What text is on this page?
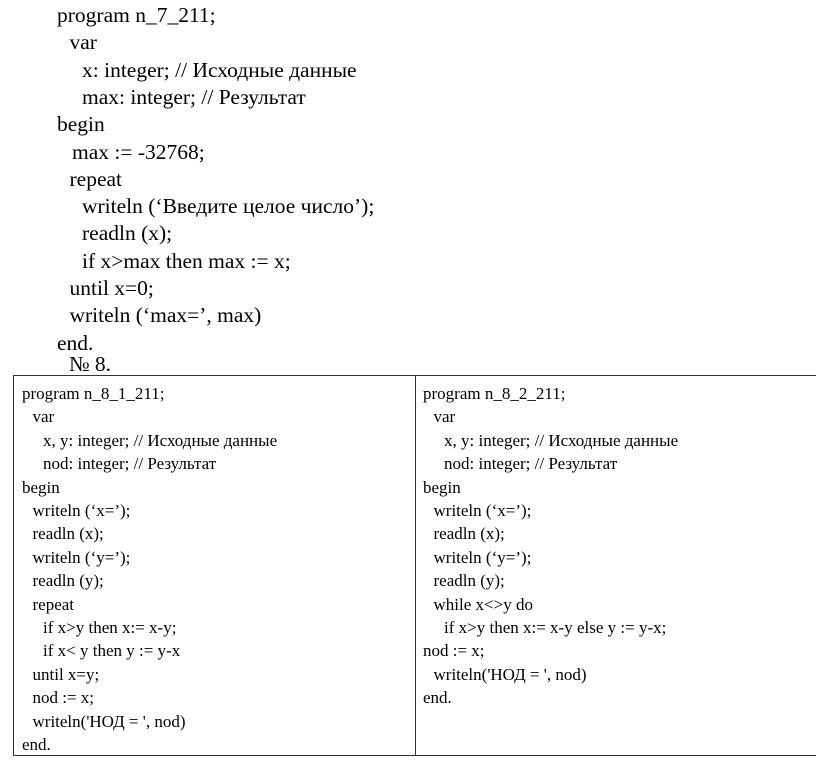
program n_7_211;
var
x: integer; // Исходные данные
max: integer; // Результат
begin
max := -32768;
repeat
writeln (‘Введите целое число’);
readln (x);
if x>max then max := x;
until x=0;
writeln (‘max=’, max)
end.
№ 8.
program n_8_1_211;
var
x, y: integer; // Исходные данные
nod: integer; // Результат
begin
writeln (‘x=’);
readln (x);
writeln (‘y=’);
readln (y);
repeat
if x>y then x:= x-y;
if x< y then y := y-x
until x=y;
nod := x;
writeln('НОД = ', nod)
end.
program n_8_2_211;
var
x, y: integer; // Исходные данные
nod: integer; // Результат
begin
writeln (‘x=’);
readln (x);
writeln (‘y=’);
readln (y);
while x<>y do
if x>y then x:= x-y else y := y-x;
nod := x;
writeln('НОД = ', nod)
end.
